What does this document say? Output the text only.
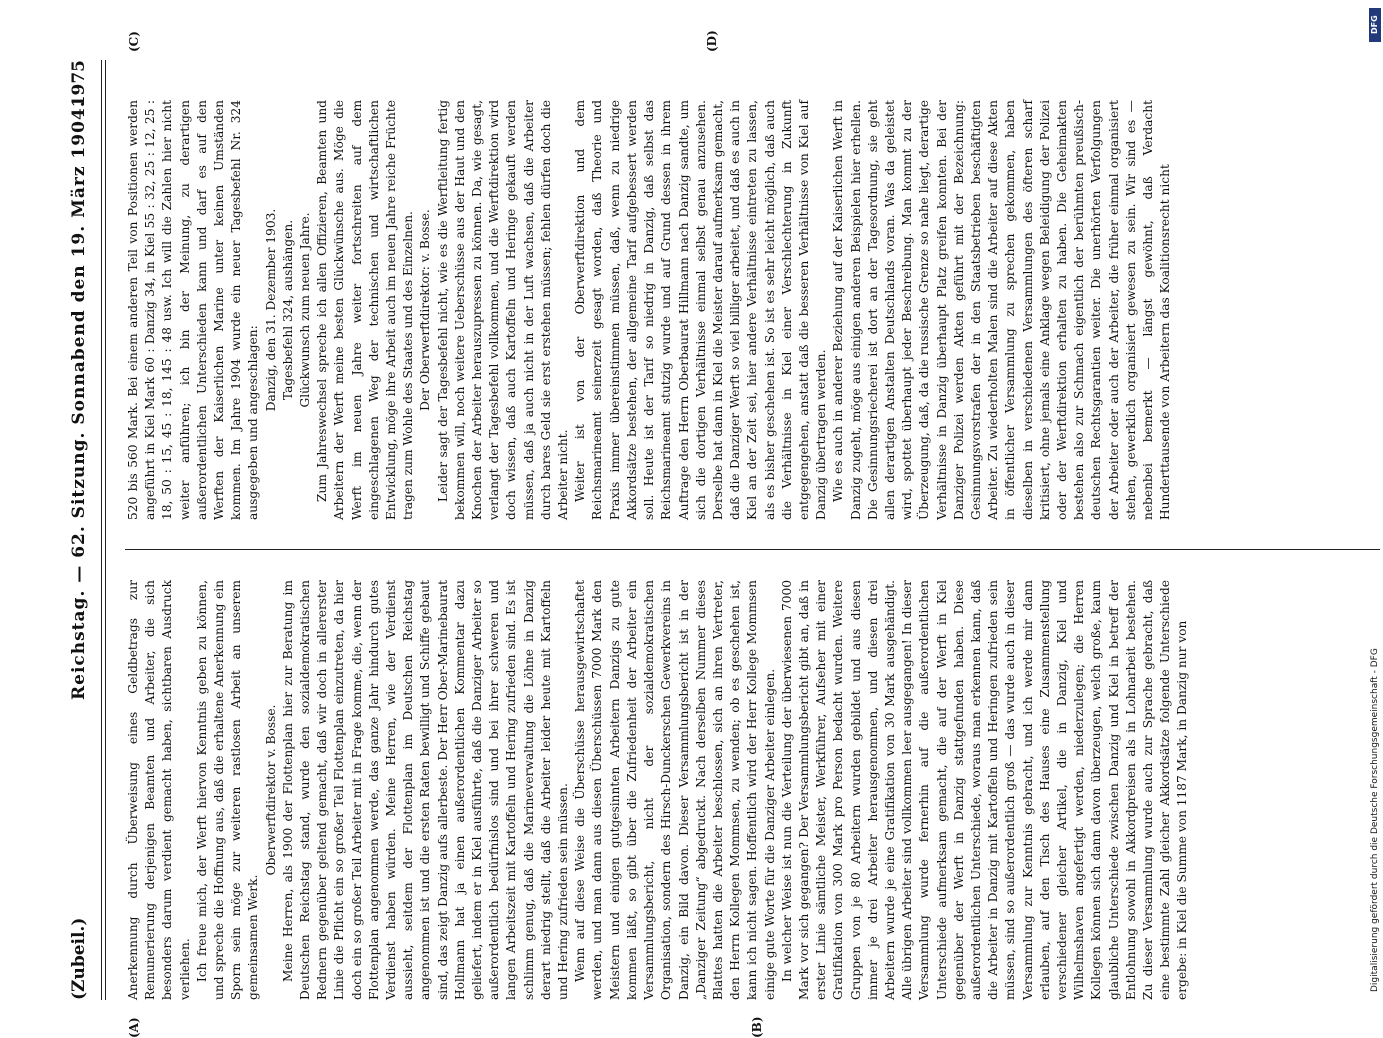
(Zubeil.)
Reichstag. — 62. Sitzung. Sonnabend den 19. März 1904.
1975
(A)	(B)
(C)	(D)

Anerkennung durch Überweisung eines Geldbetrags zur Remunerierung derjenigen Beamten und Arbeiter, die sich besonders darum verdient gemacht haben, sichtbaren Ausdruck verliehen. Ich freue mich, der Werft hiervon Kenntnis geben zu können, und spreche die Hoffnung aus, daß die erhaltene Anerkennung ein Sporn sein möge zur weiteren rastlosen Arbeit an unserem gemeinsamen Werk.

Oberwerftdirektor v. Bosse. Meine Herren, als 1900 der Flottenplan hier zur Beratung im Deutschen Reichstag stand, wurde den sozialdemokratischen Rednern gegenüber geltend gemacht, daß wir doch in allererster Linie die Pflicht ein so großer Teil Flottenplan einzutreten, da hier doch ein so großer Teil Arbeiter mit in Frage komme, die, wenn der Flottenplan angenommen werde, das ganze Jahr hindurch gutes Verdienst haben würden. Meine Herren, wie der Verdienst aussieht, seitdem der Flottenplan im Deutschen Reichstag angenommen ist und die ersten Raten bewilligt und Schiffe gebaut sind, das zeigt Danzig aufs allerbeste. Der Herr Ober-Marinebaurat Hollmann hat ja einen außerordentlichen Kommentar dazu geliefert, indem er in Kiel ausführte, daß die Danziger Arbeiter so außerordentlich bedürfnislos sind und bei ihrer schweren und langen Arbeitszeit mit Kartoffeln und Hering zufrieden sind. Es ist schlimm genug, daß die Marineverwaltung die Löhne in Danzig derart niedrig stellt, daß die Arbeiter leider heute mit Kartoffeln und Hering zufrieden sein müssen. Wenn auf diese Weise die Überschüsse herausgewirtschaftet werden, und man dann aus diesen Überschüssen 7000 Mark den Meistern und einigen gutgesinnten Arbeitern Danzigs zu gute kommen läßt, so gibt über die Zufriedenheit der Arbeiter ein Versammlungsbericht, nicht der sozialdemokratischen Organisation, sondern des Hirsch-Dunckerschen Gewerkvereins in Danzig, ein Bild davon. Dieser Versammlungsbericht ist in der „Danziger Zeitung“ abgedruckt. Nach derselben Nummer dieses Blattes hatten die Arbeiter beschlossen, sich an ihren Vertreter, den Herrn Kollegen Mommsen, zu wenden; ob es geschehen ist, kann ich nicht sagen. Hoffentlich wird der Herr Kollege Mommsen einige gute Worte für die Danziger Arbeiter einlegen. In welcher Weise ist nun die Verteilung der überwiesenen 7000 Mark vor sich gegangen? Der Versammlungsbericht gibt an, daß in erster Linie sämtliche Meister, Werkführer, Aufseher mit einer Gratifikation von 300 Mark pro Person bedacht wurden. Weitere Gruppen von je 80 Arbeitern wurden gebildet und aus diesen immer je drei Arbeiter herausgenommen, und diesen drei Arbeitern wurde je eine Gratifikation von 30 Mark ausgehändigt. Alle übrigen Arbeiter sind vollkommen leer ausgegangen! In dieser Versammlung wurde fernerhin auf die außerordentlichen Unterschiede aufmerksam gemacht, die auf der Werft in Kiel gegenüber der Werft in Danzig stattgefunden haben. Diese außerordentlichen Unterschiede, woraus man erkennen kann, daß die Arbeiter in Danzig mit Kartoffeln und Heringen zufrieden sein müssen, sind so außerordentlich groß — das wurde auch in dieser Versammlung zur Kenntnis gebracht, und ich werde mir dann erlauben, auf den Tisch des Hauses eine Zusammenstellung verschiedener gleicher Artikel, die in Danzig, Kiel und Wilhelmshaven angefertigt werden, niederzulegen; die Herren Kollegen können sich dann davon überzeugen, welch große, kaum glaubliche Unterschiede zwischen Danzig und Kiel in betreff der Entlohnung sowohl in Akkordpreisen als in Lohnarbeit bestehen. Zu dieser Versammlung wurde auch zur Sprache gebracht, daß eine bestimmte Zahl gleicher Akkordsätze folgende Unterschiede ergebe: in Kiel die Summe von 1187 Mark, in Danzig nur von

520 bis 560 Mark. Bei einem anderen Teil von Positionen werden angeführt in Kiel Mark 60 : Danzig 34, in Kiel 55 : 32, 25 : 12, 25 : 18, 50 : 15, 45 : 18, 145 : 48 usw. Ich will die Zahlen hier nicht weiter anführen; ich bin der Meinung, zu derartigen außerordentlichen Unterschieden kann und darf es auf den Werften der Kaiserlichen Marine unter keinen Umständen kommen. Im Jahre 1904 wurde ein neuer Tagesbefehl Nr. 324 ausgegeben und angeschlagen:

Danzig, den 31. Dezember 1903. Tagesbefehl 324, aushängen. Glückwunsch zum neuen Jahre. Zum Jahreswechsel spreche ich allen Offizieren, Beamten und Arbeitern der Werft meine besten Glückwünsche aus. Möge die Werft im neuen Jahre weiter fortschreiten auf dem eingeschlagenen Weg der technischen und wirtschaftlichen Entwicklung, möge ihre Arbeit auch im neuen Jahre reiche Früchte tragen zum Wohle des Staates und des Einzelnen. Der Oberwerftdirektor: v. Bosse. Leider sagt der Tagesbefehl nicht, wie es die Werftleitung fertig bekommen will, noch weitere Ueberschüsse aus der Haut und den Knochen der Arbeiter herauszupressen zu können. Da, wie gesagt, verlangt der Tagesbefehl vollkommen, und die Werftdirektion wird doch wissen, daß auch Kartoffeln und Heringe gekauft werden müssen, daß ja auch nicht in der Luft wachsen, daß die Arbeiter durch bares Geld sie erst erstehen müssen; fehlen dürfen doch die Arbeiter nicht. Weiter ist von der Oberwerftdirektion und dem Reichsmarineamt seinerzeit gesagt worden, daß Theorie und Praxis immer übereinstimmen müssen, daß, wenn zu niedrige Akkordsätze bestehen, der allgemeine Tarif aufgebessert werden soll. Heute ist der Tarif so niedrig in Danzig, daß selbst das Reichsmarineamt stutzig wurde und auf Grund dessen in ihrem Auftrage den Herrn Oberbaurat Hillmann nach Danzig sandte, um sich die dortigen Verhältnisse einmal selbst genau anzusehen. Derselbe hat dann in Kiel die Meister darauf aufmerksam gemacht, daß die Danziger Werft so viel billiger arbeitet, und daß es auch in Kiel an der Zeit sei, hier andere Verhältnisse eintreten zu lassen, als es bisher geschehen ist. So ist es sehr leicht möglich, daß auch die Verhältnisse in Kiel einer Verschlechterung in Zukunft entgegengehen, anstatt daß die besseren Verhältnisse von Kiel auf Danzig übertragen werden. Wie es auch in anderer Beziehung auf der Kaiserlichen Werft in Danzig zugeht, möge aus einigen anderen Beispielen hier erhellen. Die Gesinnungsriecherei ist dort an der Tagesordnung, sie geht allen derartigen Anstalten Deutschlands voran. Was da geleistet wird, spottet überhaupt jeder Beschreibung. Man kommt zu der Überzeugung, daß, da die russische Grenze so nahe liegt, derartige Verhältnisse in Danzig überhaupt Platz greifen konnten. Bei der Danziger Polizei werden Akten geführt mit der Bezeichnung: Gesinnungsvorstrafen der in den Staatsbetrieben beschäftigten Arbeiter. Zu wiederholten Malen sind die Arbeiter auf diese Akten in öffentlicher Versammlung zu sprechen gekommen, haben dieselben in verschiedenen Versammlungen des öfteren scharf kritisiert, ohne jemals eine Anklage wegen Beleidigung der Polizei oder der Werftdirektion erhalten zu haben. Die Geheimakten bestehen also zur Schmach eigentlich der berühmten preußisch-deutschen Rechtsgarantien weiter. Die unerhörten Verfolgungen der Arbeiter oder auch der Arbeiter, die früher einmal organisiert stehen, gewerklich organisiert gewesen zu sein. Wir sind es — nebenbei bemerkt — längst gewöhnt, daß Verdacht Hunderttausende von Arbeitern das Koalitionsrecht nicht

DFG
Digitalisierung gefördert durch die Deutsche Forschungsgemeinschaft - DFG
